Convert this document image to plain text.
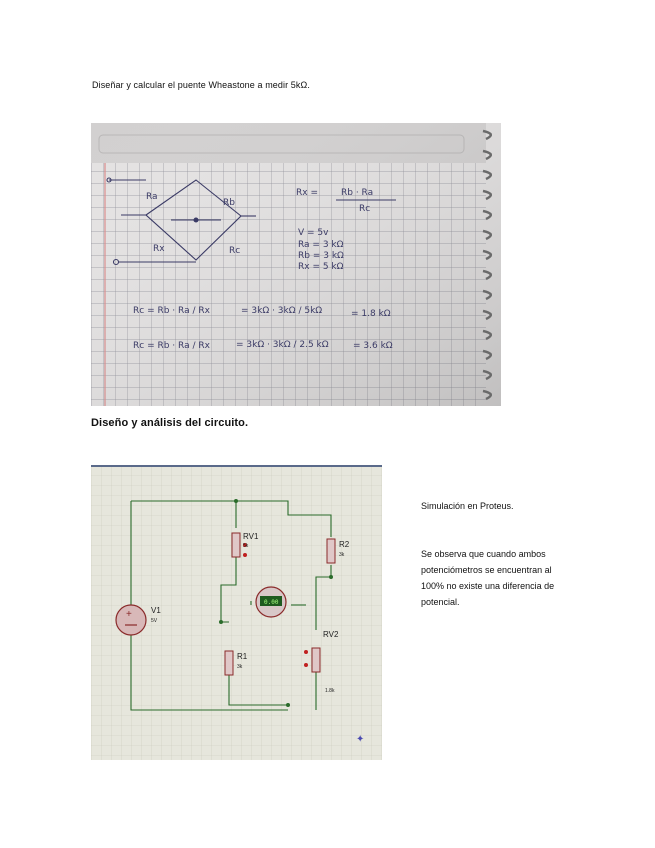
Diseñar y calcular el puente Wheastone a medir 5kΩ.
Ra
Rb
Rx	Rc
Rx =	Rb · Ra
Rc
V = 5v
Ra = 3 kΩ
Rb = 3 kΩ
Rx = 5 kΩ
Rc = Rb · Ra / Rx	= 3kΩ · 3kΩ / 5kΩ	= 1.8 kΩ
Rc = Rb · Ra / Rx	= 3kΩ · 3kΩ / 2.5 kΩ	= 3.6 kΩ
Diseño y análisis del circuito.
+ V1
5V
RV1
5k	R2
3k
0.00
R1
3k
RV2
1.8k
✦
Simulación en Proteus.
Se observa que cuando ambos
potenciómetros se encuentran al
100% no existe una diferencia de
potencial.
